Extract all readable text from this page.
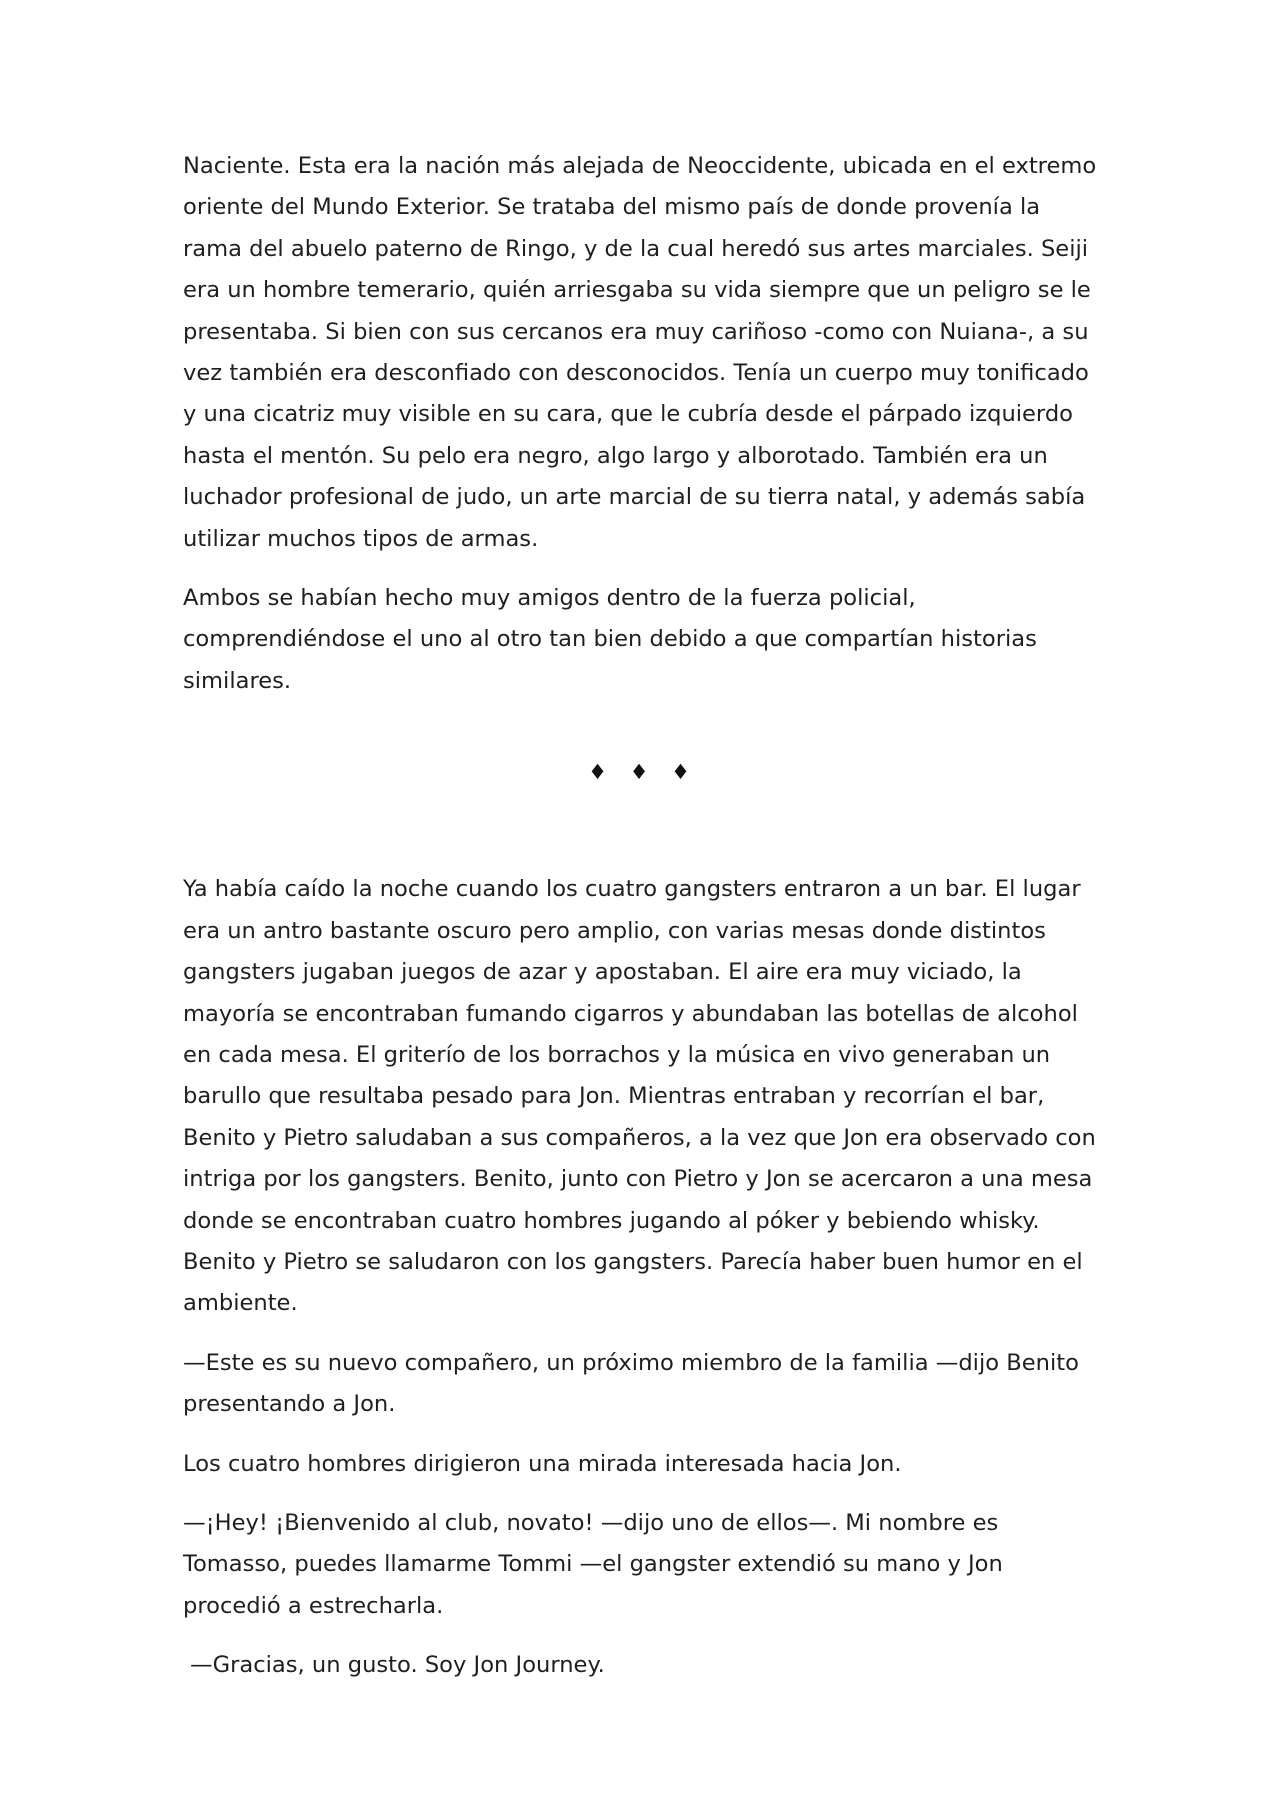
Naciente. Esta era la nación más alejada de Neoccidente, ubicada en el extremo oriente del Mundo Exterior. Se trataba del mismo país de donde provenía la rama del abuelo paterno de Ringo, y de la cual heredó sus artes marciales. Seiji era un hombre temerario, quién arriesgaba su vida siempre que un peligro se le presentaba. Si bien con sus cercanos era muy cariñoso -como con Nuiana-, a su vez también era desconfiado con desconocidos. Tenía un cuerpo muy tonificado y una cicatriz muy visible en su cara, que le cubría desde el párpado izquierdo hasta el mentón. Su pelo era negro, algo largo y alborotado. También era un luchador profesional de judo, un arte marcial de su tierra natal, y además sabía utilizar muchos tipos de armas.

Ambos se habían hecho muy amigos dentro de la fuerza policial, comprendiéndose el uno al otro tan bien debido a que compartían historias similares.

♦ ♦ ♦

Ya había caído la noche cuando los cuatro gangsters entraron a un bar. El lugar era un antro bastante oscuro pero amplio, con varias mesas donde distintos gangsters jugaban juegos de azar y apostaban. El aire era muy viciado, la mayoría se encontraban fumando cigarros y abundaban las botellas de alcohol en cada mesa. El griterío de los borrachos y la música en vivo generaban un barullo que resultaba pesado para Jon. Mientras entraban y recorrían el bar, Benito y Pietro saludaban a sus compañeros, a la vez que Jon era observado con intriga por los gangsters. Benito, junto con Pietro y Jon se acercaron a una mesa donde se encontraban cuatro hombres jugando al póker y bebiendo whisky. Benito y Pietro se saludaron con los gangsters. Parecía haber buen humor en el ambiente.

—Este es su nuevo compañero, un próximo miembro de la familia —dijo Benito presentando a Jon.

Los cuatro hombres dirigieron una mirada interesada hacia Jon.

—¡Hey! ¡Bienvenido al club, novato! —dijo uno de ellos—. Mi nombre es Tomasso, puedes llamarme Tommi —el gangster extendió su mano y Jon procedió a estrecharla.

—Gracias, un gusto. Soy Jon Journey.
